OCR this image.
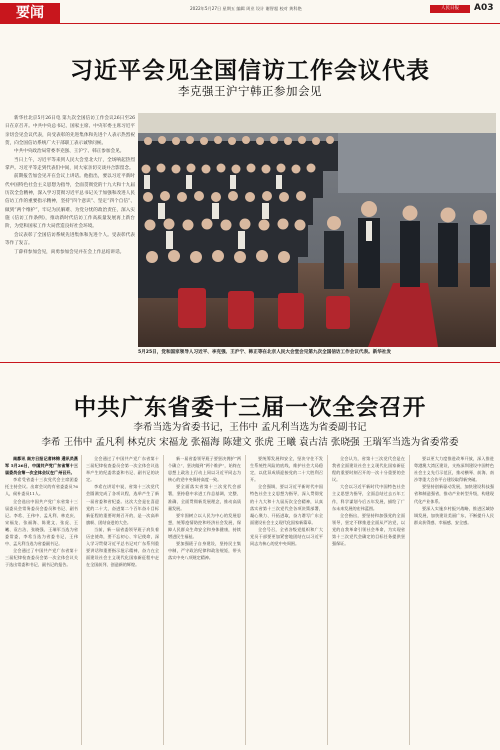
要闻	2022年5月27日 星期五 编辑 周业 设计 谢智超 校对 黄科艳	人民日报	A03
习近平会见全国信访工作会议代表
李克强王沪宁韩正参加会见

新华社北京5月26日电 第九次全国信访工作会议26日至26日在京召开。中共中央总书记、国家主席、中央军委主席习近平亲切会见会议代表，向受表彰的先进集体和先进个人表示热烈祝贺，向全国信访系统广大干部职工表示诚挚问候。

中共中央政治局常委李克强、王沪宁、韩正参加会见。

当日上午，习近平等来到人民大会堂北大厅，全场响起热烈掌声。习近平等走到代表们中间，同大家亲切交谈并合影留念。

前期报告加会见开在会议上讲话。他指出，要以习近平新时代中国特色社会主义思想为指导，全面贯彻党的十九大和十九届历次全会精神，深入学习贯彻习近平总书记关于加强和改进人民信访工作的重要指示精神，坚持“四个意识”、坚定“四个自信”、做到“两个维护”，牢记为民解难、为党分忧的政治责任，深入实施《信访工作条例》，推动新时代信访工作高质量发展再上新台阶，为党和国家工作大局营造良好社会环境。

会议表彰了全国信访系统先进集体和先进个人。受表彰代表等作了发言。

丁薛祥参加会见，尚勇参加会见并在会上作总结讲话。

5月25日，党和国家领导人习近平、李克强、王沪宁、韩正等在北京人民大会堂会见第九次全国信访工作会议代表。新华社发
中共广东省委十三届一次全会召开
李希当选为省委书记，王伟中 孟凡利当选为省委副书记
李希 王伟中 孟凡利 林克庆 宋福龙 张福海 陈建文 张虎 王曦 袁古洁 张晓强 王瑞军当选为省委常委

南都讯 南方日报记者林锦 通讯员燕军 5月26日，中国共产党广东省第十三届委员会第一次全体会议在广州召开。

李希受省委十三次党代会主席团委托主持会议。出席会议的有省委委员76人，候补委员11人。

全会选出中国共产党广东省第十三届委员会常务委员会委员和书记、副书记。李希、王伟中、孟凡利、林克庆、宋福龙、张福海、陈建文、张虎、王曦、袁古洁、张晓强、王瑞军当选为省委常委，李希当选为省委书记，王伟中、孟凡利当选为省委副书记。

全会通过了中国共产党广东省第十三届纪律检查委员会第一次全体会议关于选出常委和书记、副书记的报告。

全会通过了中国共产党广东省第十三届纪律检查委员会第一次全体会议选举产生的纪委常委和书记、副书记的决定。

李希在讲话中说，省第十三次党代会圆满完成了各项议程，选举产生了新一届省委和省纪委。这次大会是在喜迎党的二十大、奋进第二个百年奋斗目标新征程的重要时刻召开的，是一次高举旗帜、团结奋进的大会。

当前，新一届省委领导班子肩负着历史使命，要不忘初心、牢记使命，深入学习贯彻习近平总书记对广东系列重要讲话和重要指示批示精神，奋力在全面建设社会主义现代化国家新征程中走在全国前列、创造新的辉煌。

新一届省委领导班子要坚决拥护“两个确立”、坚决做到“两个维护”，始终在思想上政治上行动上同以习近平同志为核心的党中央保持高度一致。

要全面落实省第十三次党代会部署，坚持稳中求进工作总基调，完整、准确、全面贯彻新发展理念，推动高质量发展。

要牢固树立以人民为中心的发展思想，统筹疫情防控和经济社会发展，保障人民群众生命安全和身体健康，持续增进民生福祉。

要加强班子自身建设，坚持民主集中制，严守政治纪律和政治规矩，带头落实中央八项规定精神。

要统筹发展和安全，坚决守住不发生系统性风险的底线，维护社会大局稳定，以优异成绩迎接党的二十大胜利召开。

全会强调，要以习近平新时代中国特色社会主义思想为指导，深入贯彻党的十九大和十九届历次全会精神，认真落实省第十三次党代会各项决策部署，凝心聚力、开拓进取，奋力谱写广东全面建设社会主义现代化国家新篇章。

全会号召，全省各级党组织和广大党员干部要更加紧密地团结在以习近平同志为核心的党中央周围。

全会认为，省第十三次党代会是在我省全面建设社会主义现代化国家新征程的重要时刻召开的一次十分重要的会议。

大会以习近平新时代中国特色社会主义思想为指导，全面总结过去五年工作，科学谋划今后五年发展，描绘了广东未来发展的宏伟蓝图。

全会指出，要坚持和加强党的全面领导，坚定不移推进全面从严治党，以党的自我革命引领社会革命，为实现省第十三次党代会确定的目标任务提供坚强保证。

要以更大力度推进改革开放，深入推进粤港澳大湾区建设，支持深圳建设中国特色社会主义先行示范区，推动横琴、前海、南沙等重大合作平台建设取得新突破。

要坚持创新驱动发展，加快建设科技强省和制造强省，推动产业转型升级，构建现代化产业体系。

要深入实施乡村振兴战略，推进区域协调发展，加快建设美丽广东，不断提升人民群众获得感、幸福感、安全感。
